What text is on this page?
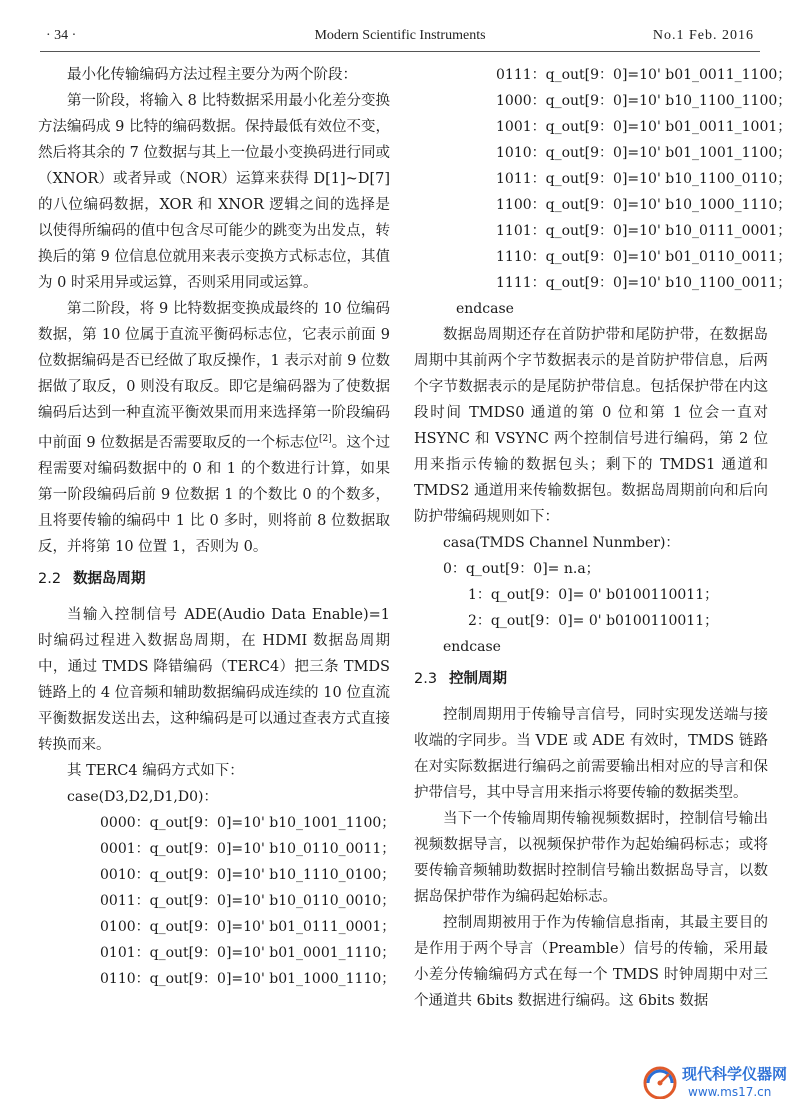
· 34 ·	Modern Scientific Instruments	No.1 Feb. 2016

最小化传输编码方法过程主要分为两个阶段：

第一阶段，将输入 8 比特数据采用最小化差分变换方法编码成 9 比特的编码数据。保持最低有效位不变，然后将其余的 7 位数据与其上一位最小变换码进行同或（XNOR）或者异或（NOR）运算来获得 D[1]~D[7] 的八位编码数据，XOR 和 XNOR 逻辑之间的选择是以使得所编码的值中包含尽可能少的跳变为出发点，转换后的第 9 位信息位就用来表示变换方式标志位，其值为 0 时采用异或运算，否则采用同或运算。

第二阶段，将 9 比特数据变换成最终的 10 位编码数据，第 10 位属于直流平衡码标志位，它表示前面 9 位数据编码是否已经做了取反操作，1 表示对前 9 位数据做了取反，0 则没有取反。即它是编码器为了使数据编码后达到一种直流平衡效果而用来选择第一阶段编码中前面 9 位数据是否需要取反的一个标志位[2]。这个过程需要对编码数据中的 0 和 1 的个数进行计算，如果第一阶段编码后前 9 位数据 1 的个数比 0 的个数多，且将要传输的编码中 1 比 0 多时，则将前 8 位数据取反，并将第 10 位置 1，否则为 0。

2.2 数据岛周期

当输入控制信号 ADE(Audio Data Enable)=1 时编码过程进入数据岛周期，在 HDMI 数据岛周期中，通过 TMDS 降错编码（TERC4）把三条 TMDS 链路上的 4 位音频和辅助数据编码成连续的 10 位直流平衡数据发送出去，这种编码是可以通过查表方式直接转换而来。

其 TERC4 编码方式如下：

case(D3,D2,D1,D0)：
0000：q_out[9：0]=10' b10_1001_1100；
0001：q_out[9：0]=10' b10_0110_0011；
0010：q_out[9：0]=10' b10_1110_0100；
0011：q_out[9：0]=10' b10_0110_0010；
0100：q_out[9：0]=10' b01_0111_0001；
0101：q_out[9：0]=10' b01_0001_1110；
0110：q_out[9：0]=10' b01_1000_1110；
0111：q_out[9：0]=10' b01_0011_1100；
1000：q_out[9：0]=10' b10_1100_1100；
1001：q_out[9：0]=10' b01_0011_1001；
1010：q_out[9：0]=10' b01_1001_1100；
1011：q_out[9：0]=10' b10_1100_0110；
1100：q_out[9：0]=10' b10_1000_1110；
1101：q_out[9：0]=10' b10_0111_0001；
1110：q_out[9：0]=10' b01_0110_0011；
1111：q_out[9：0]=10' b10_1100_0011；
endcase

数据岛周期还存在首防护带和尾防护带，在数据岛周期中其前两个字节数据表示的是首防护带信息，后两个字节数据表示的是尾防护带信息。包括保护带在内这段时间 TMDS0 通道的第 0 位和第 1 位会一直对 HSYNC 和 VSYNC 两个控制信号进行编码，第 2 位用来指示传输的数据包头；剩下的 TMDS1 通道和 TMDS2 通道用来传输数据包。数据岛周期前向和后向防护带编码规则如下：

casa(TMDS Channel Nunmber)：
0：q_out[9：0]= n.a；
1：q_out[9：0]= 0' b0100110011；
2：q_out[9：0]= 0' b0100110011；
endcase
2.3 控制周期

控制周期用于传输导言信号，同时实现发送端与接收端的字同步。当 VDE 或 ADE 有效时，TMDS 链路在对实际数据进行编码之前需要输出相对应的导言和保护带信号，其中导言用来指示将要传输的数据类型。

当下一个传输周期传输视频数据时，控制信号输出视频数据导言，以视频保护带作为起始编码标志；或将要传输音频辅助数据时控制信号输出数据岛导言，以数据岛保护带作为编码起始标志。

控制周期被用于作为传输信息指南，其最主要目的是作用于两个导言（Preamble）信号的传输，采用最小差分传输编码方式在每一个 TMDS 时钟周期中对三个通道共 6bits 数据进行编码。这 6bits 数据

现代科学仪器网
www.ms17.cn
